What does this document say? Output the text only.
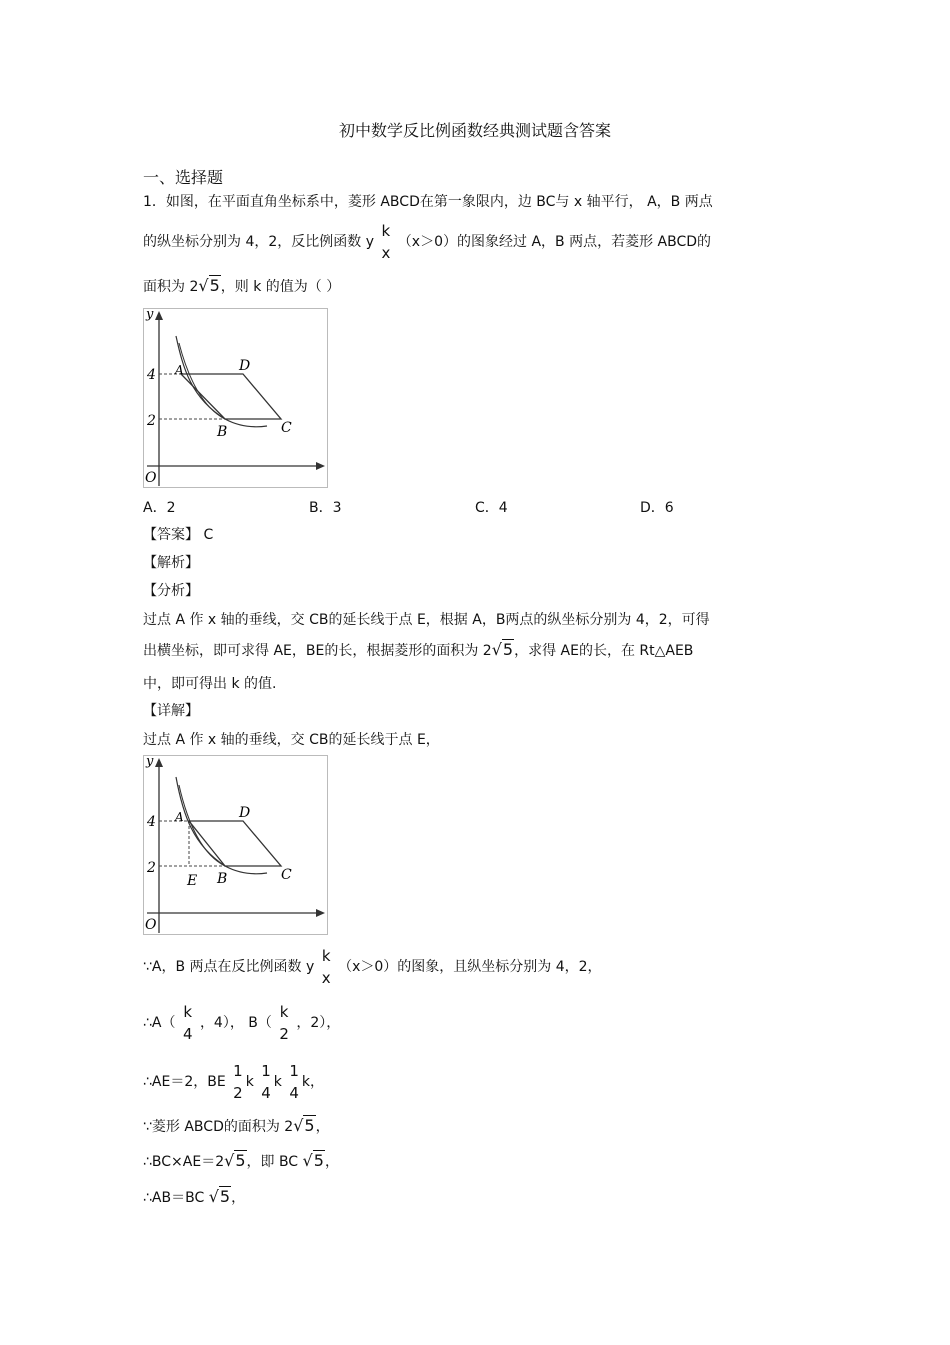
初中数学反比例函数经典测试题含答案
一、选择题
1．如图，在平面直角坐标系中，菱形 ABCD在第一象限内，边 BC与 x 轴平行， A，B 两点
的纵坐标分别为 4，2，反比例函数 y
k
x
（x＞0）的图象经过 A，B 两点，若菱形 ABCD的
面积为 2√5，则 k 的值为（ ）
y
O
4
2
A	D
B	C
A．2	B．3	C．4	D．6
【答案】 C
【解析】
【分析】
过点 A 作 x 轴的垂线，交 CB的延长线于点 E，根据 A，B两点的纵坐标分别为 4，2，可得
出横坐标，即可求得 AE，BE的长，根据菱形的面积为 2√5，求得 AE的长，在 Rt△AEB
中，即可得出 k 的值.
【详解】
过点 A 作 x 轴的垂线，交 CB的延长线于点 E，
y
O
4
2
A	D
E B	C
∵A，B 两点在反比例函数 y
k
x
（x＞0）的图象，且纵坐标分别为 4，2，
∴A（
k
4
，4）， B（
k
2
，2），
∴AE＝2，BE
1
2
k
1
4
k
1
4
k，
∵菱形 ABCD的面积为 2√5，
∴BC×AE＝2√5，即 BC √5，
∴AB＝BC √5，
